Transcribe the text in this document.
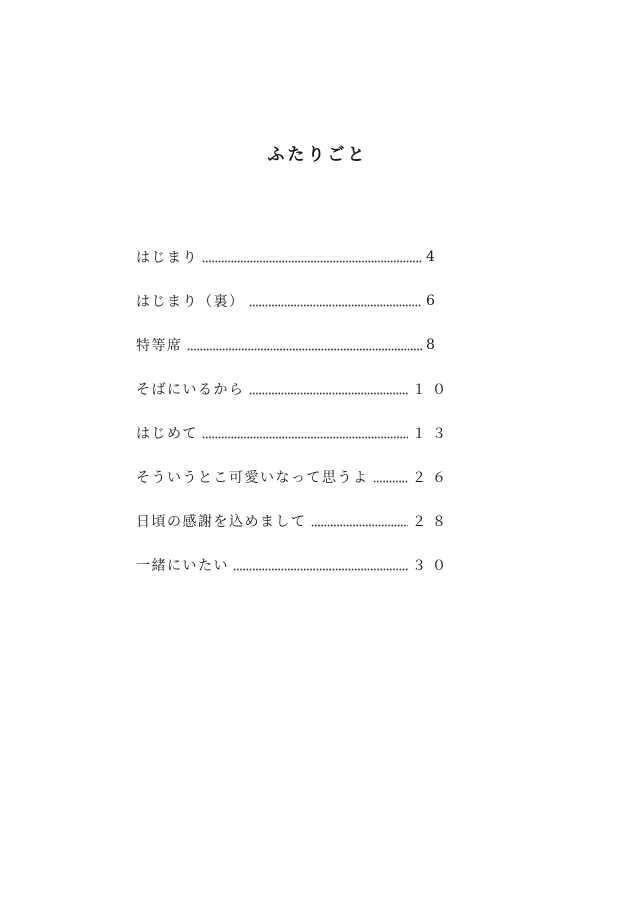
ふたりごと
はじまり	4
はじまり（裏）	6
特等席	8
そばにいるから	１０
はじめて	１３
そういうとこ可愛いなって思うよ	２６
日頃の感謝を込めまして	２８
一緒にいたい	３０
